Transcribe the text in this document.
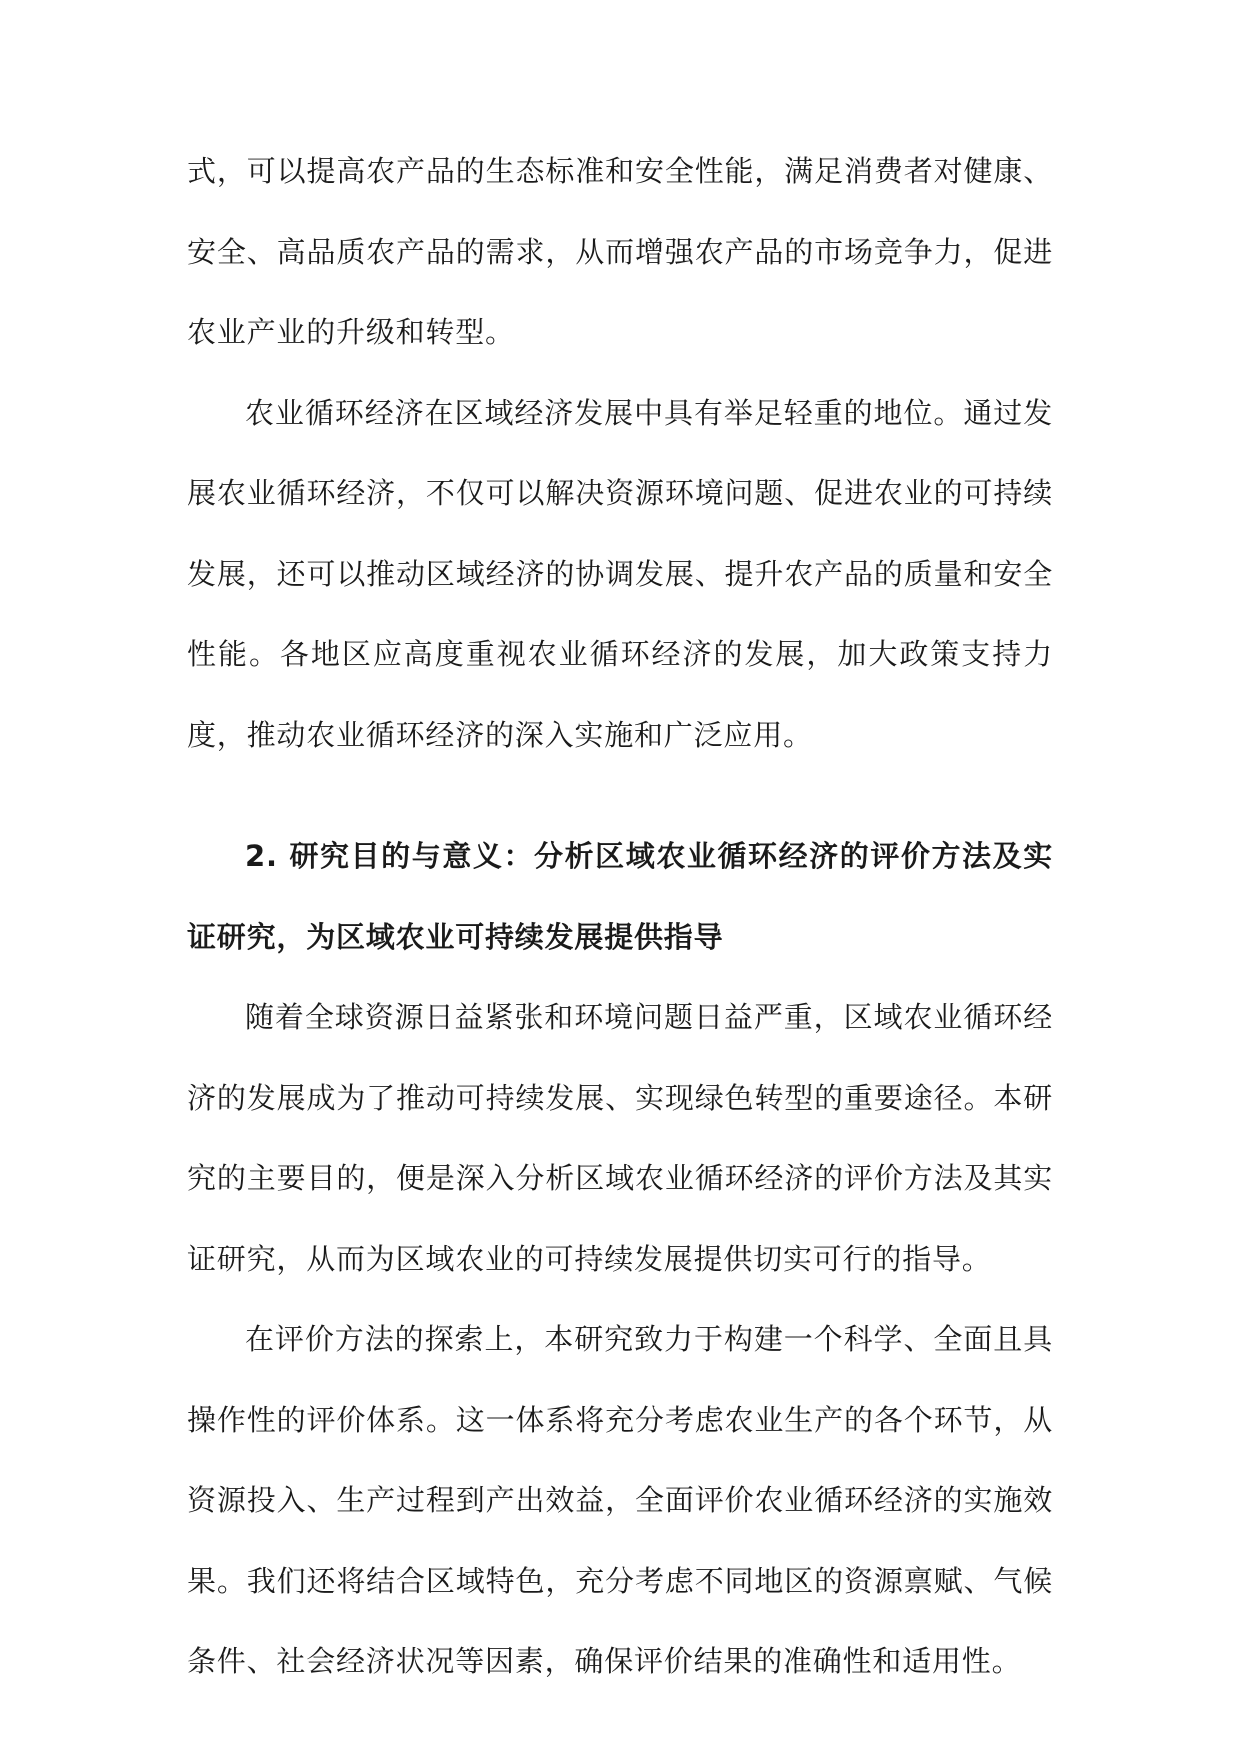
式，可以提高农产品的生态标准和安全性能，满足消费者对健康、安全、高品质农产品的需求，从而增强农产品的市场竞争力，促进农业产业的升级和转型。

农业循环经济在区域经济发展中具有举足轻重的地位。通过发展农业循环经济，不仅可以解决资源环境问题、促进农业的可持续发展，还可以推动区域经济的协调发展、提升农产品的质量和安全性能。各地区应高度重视农业循环经济的发展，加大政策支持力度，推动农业循环经济的深入实施和广泛应用。

2. 研究目的与意义：分析区域农业循环经济的评价方法及实证研究，为区域农业可持续发展提供指导

随着全球资源日益紧张和环境问题日益严重，区域农业循环经济的发展成为了推动可持续发展、实现绿色转型的重要途径。本研究的主要目的，便是深入分析区域农业循环经济的评价方法及其实证研究，从而为区域农业的可持续发展提供切实可行的指导。

在评价方法的探索上，本研究致力于构建一个科学、全面且具操作性的评价体系。这一体系将充分考虑农业生产的各个环节，从资源投入、生产过程到产出效益，全面评价农业循环经济的实施效果。我们还将结合区域特色，充分考虑不同地区的资源禀赋、气候条件、社会经济状况等因素，确保评价结果的准确性和适用性。
